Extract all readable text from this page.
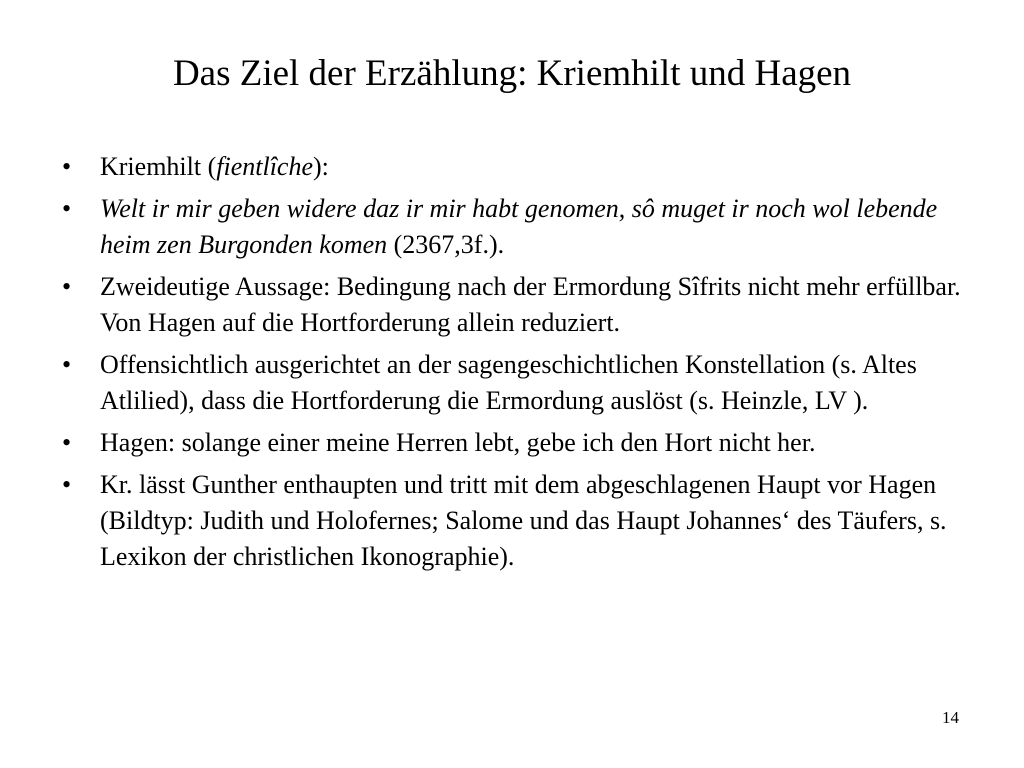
Das Ziel der Erzählung: Kriemhilt und Hagen
• Kriemhilt (fientlîche):
• Welt ir mir geben widere daz ir mir habt genomen, sô muget ir noch wol lebende heim zen Burgonden komen (2367,3f.).
• Zweideutige Aussage: Bedingung nach der Ermordung Sîfrits nicht mehr erfüllbar. Von Hagen auf die Hortforderung allein reduziert.
• Offensichtlich ausgerichtet an der sagengeschichtlichen Konstellation (s. Altes Atlilied), dass die Hortforderung die Ermordung auslöst (s. Heinzle, LV ).
• Hagen: solange einer meine Herren lebt, gebe ich den Hort nicht her.
• Kr. lässt Gunther enthaupten und tritt mit dem abgeschlagenen Haupt vor Hagen (Bildtyp: Judith und Holofernes; Salome und das Haupt Johannes‘ des Täufers, s. Lexikon der christlichen Ikonographie).
14
